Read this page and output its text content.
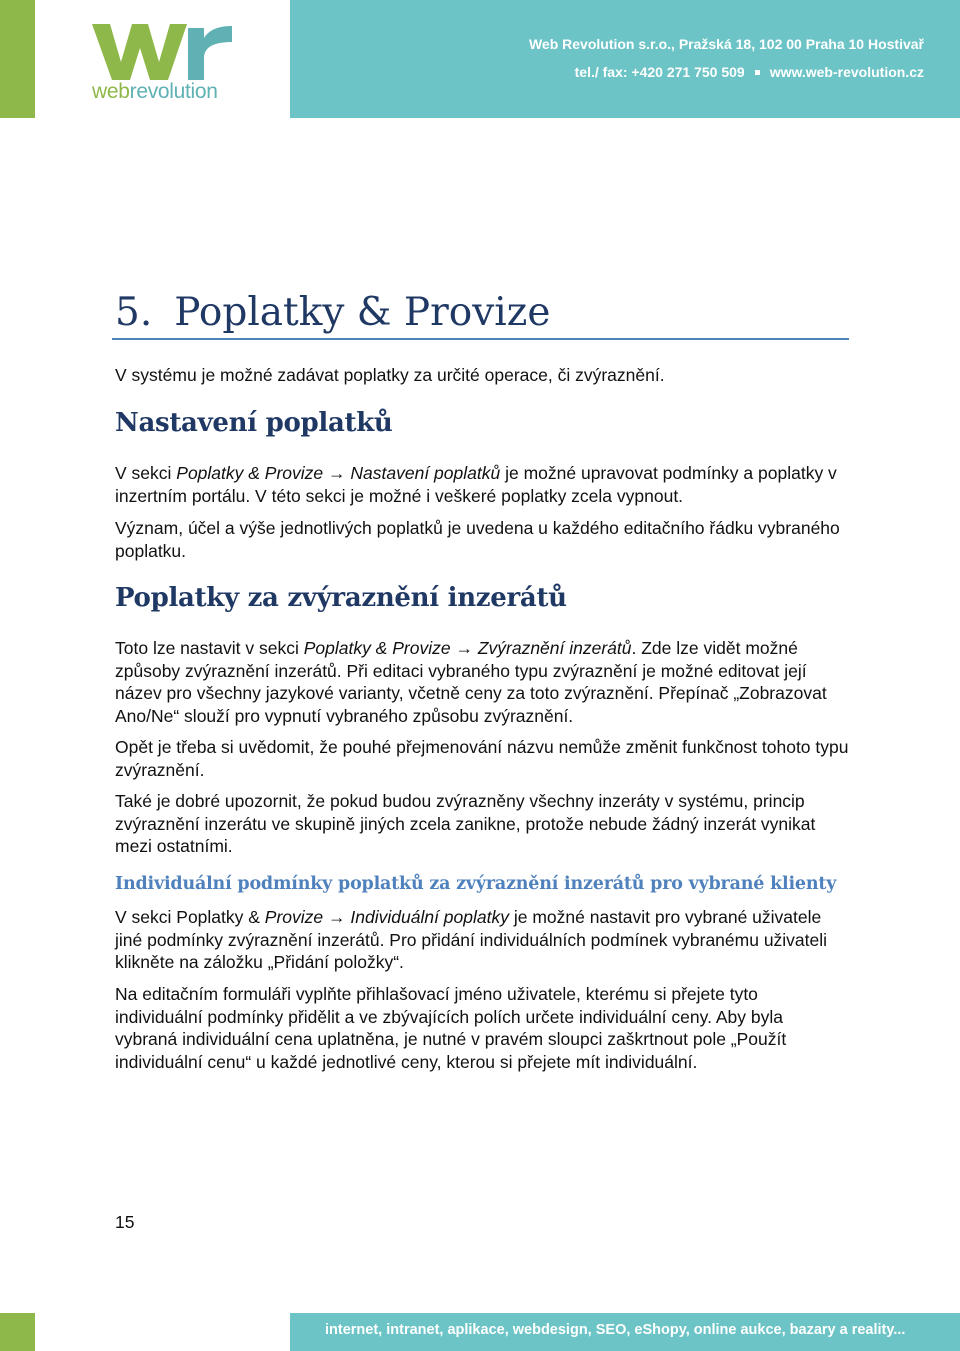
webrevolution
Web Revolution s.r.o., Pražská 18, 102 00 Praha 10 Hostivař
tel./ fax: +420 271 750 509 www.web-revolution.cz
5. Poplatky & Provize

V systému je možné zadávat poplatky za určité operace, či zvýraznění.

Nastavení poplatků

V sekci Poplatky & Provize → Nastavení poplatků je možné upravovat podmínky a poplatky v inzertním portálu. V této sekci je možné i veškeré poplatky zcela vypnout.

Význam, účel a výše jednotlivých poplatků je uvedena u každého editačního řádku vybraného poplatku.

Poplatky za zvýraznění inzerátů

Toto lze nastavit v sekci Poplatky & Provize → Zvýraznění inzerátů. Zde lze vidět možné způsoby zvýraznění inzerátů. Při editaci vybraného typu zvýraznění je možné editovat její název pro všechny jazykové varianty, včetně ceny za toto zvýraznění. Přepínač „Zobrazovat Ano/Ne“ slouží pro vypnutí vybraného způsobu zvýraznění.

Opět je třeba si uvědomit, že pouhé přejmenování názvu nemůže změnit funkčnost tohoto typu zvýraznění.

Také je dobré upozornit, že pokud budou zvýrazněny všechny inzeráty v systému, princip zvýraznění inzerátu ve skupině jiných zcela zanikne, protože nebude žádný inzerát vynikat mezi ostatními.

Individuální podmínky poplatků za zvýraznění inzerátů pro vybrané klienty

V sekci Poplatky & Provize → Individuální poplatky je možné nastavit pro vybrané uživatele jiné podmínky zvýraznění inzerátů. Pro přidání individuálních podmínek vybranému uživateli klikněte na záložku „Přidání položky“.

Na editačním formuláři vyplňte přihlašovací jméno uživatele, kterému si přejete tyto individuální podmínky přidělit a ve zbývajících polích určete individuální ceny. Aby byla vybraná individuální cena uplatněna, je nutné v pravém sloupci zaškrtnout pole „Použít individuální cenu“ u každé jednotlivé ceny, kterou si přejete mít individuální.

15
internet, intranet, aplikace, webdesign, SEO, eShopy, online aukce, bazary a reality...
